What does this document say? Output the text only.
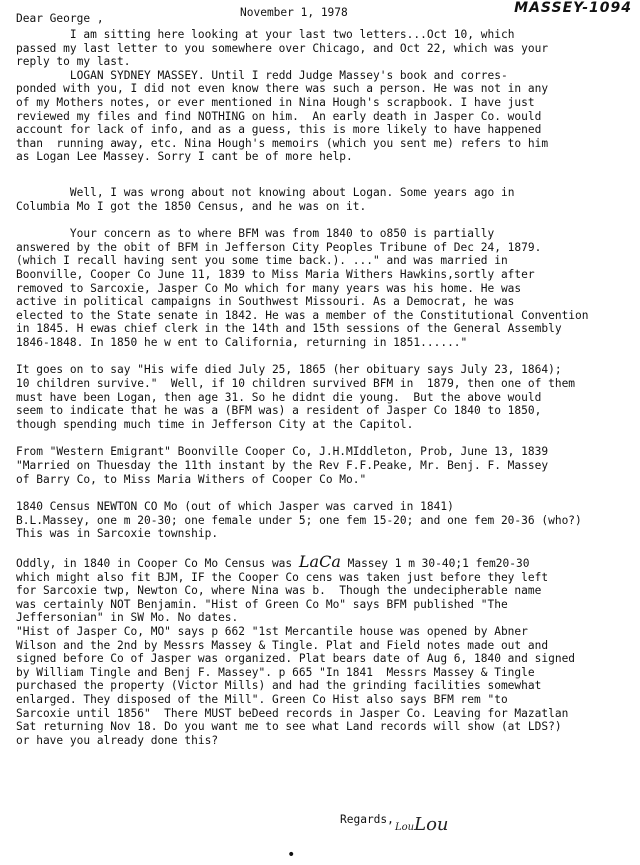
MASSEY-1094
November 1, 1978
Dear George ,

I am sitting here looking at your last two letters...Oct 10, which
passed my last letter to you somewhere over Chicago, and Oct 22, which was your
reply to my last.

LOGAN SYDNEY MASSEY. Until I redd Judge Massey's book and corres-
ponded with you, I did not even know there was such a person. He was not in any
of my Mothers notes, or ever mentioned in Nina Hough's scrapbook. I have just
reviewed my files and find NOTHING on him.  An early death in Jasper Co. would
account for lack of info, and as a guess, this is more likely to have happened
than  running away, etc. Nina Hough's memoirs (which you sent me) refers to him
as Logan Lee Massey. Sorry I cant be of more help.

Well, I was wrong about not knowing about Logan. Some years ago in
Columbia Mo I got the 1850 Census, and he was on it.

Your concern as to where BFM was from 1840 to o850 is partially
answered by the obit of BFM in Jefferson City Peoples Tribune of Dec 24, 1879.
(which I recall having sent you some time back.). ..." and was married in
Boonville, Cooper Co June 11, 1839 to Miss Maria Withers Hawkins,sortly after
removed to Sarcoxie, Jasper Co Mo which for many years was his home. He was
active in political campaigns in Southwest Missouri. As a Democrat, he was
elected to the State senate in 1842. He was a member of the Constitutional Convention
in 1845. H ewas chief clerk in the 14th and 15th sessions of the General Assembly
1846-1848. In 1850 he w ent to California, returning in 1851......"

It goes on to say "His wife died July 25, 1865 (her obituary says July 23, 1864);
10 children survive."  Well, if 10 children survived BFM in  1879, then one of them
must have been Logan, then age 31. So he didnt die young.  But the above would
seem to indicate that he was a (BFM was) a resident of Jasper Co 1840 to 1850,
though spending much time in Jefferson City at the Capitol.

From "Western Emigrant" Boonville Cooper Co, J.H.MIddleton, Prob, June 13, 1839
"Married on Thuesday the 11th instant by the Rev F.F.Peake, Mr. Benj. F. Massey
of Barry Co, to Miss Maria Withers of Cooper Co Mo."

1840 Census NEWTON CO Mo (out of which Jasper was carved in 1841)
B.L.Massey, one m 20-30; one female under 5; one fem 15-20; and one fem 20-36 (who?)
This was in Sarcoxie township.

Oddly, in 1840 in Cooper Co Mo Census was LaCa Massey 1 m 30-40;1 fem20-30
which might also fit BJM, IF the Cooper Co cens was taken just before they left
for Sarcoxie twp, Newton Co, where Nina was b.  Though the undecipherable name
was certainly NOT Benjamin. "Hist of Green Co Mo" says BFM published "The
Jeffersonian" in SW Mo. No dates.
"Hist of Jasper Co, MO" says p 662 "1st Mercantile house was opened by Abner
Wilson and the 2nd by Messrs Massey & Tingle. Plat and Field notes made out and
signed before Co of Jasper was organized. Plat bears date of Aug 6, 1840 and signed
by William Tingle and Benj F. Massey". p 665 "In 1841  Messrs Massey & Tingle
purchased the property (Victor Mills) and had the grinding facilities somewhat
enlarged. They disposed of the Mill". Green Co Hist also says BFM rem "to
Sarcoxie until 1856"  There MUST beDeed records in Jasper Co. Leaving for Mazatlan
Sat returning Nov 18. Do you want me to see what Land records will show (at LDS?)
or have you already done this?

Regards,
LouLou
•
